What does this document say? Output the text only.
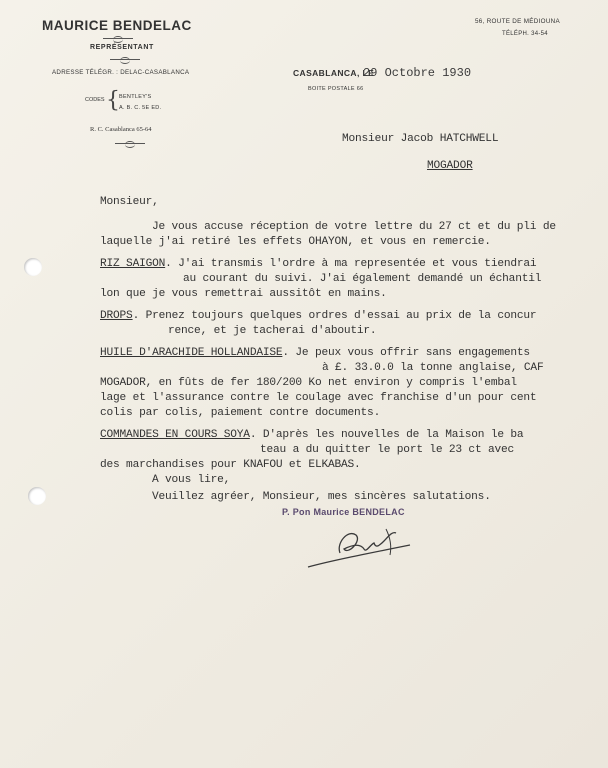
MAURICE BENDELAC
REPRÉSENTANT
ADRESSE TÉLÉGR. : DELAC-CASABLANCA
CODES { BENTLEY'S
A. B. C. 5E ED.
R. C. Casablanca 65-64
56, ROUTE DE MÉDIOUNA
TÉLÉPH. 34-54
CASABLANCA, LE
29 Octobre 1930
BOITE POSTALE 66
Monsieur Jacob HATCHWELL
MOGADOR
Monsieur,
Je vous accuse réception de votre lettre du 27 ct et du pli de
laquelle j'ai retiré les effets OHAYON, et vous en remercie.
RIZ SAIGON. J'ai transmis l'ordre à ma representée et vous tiendrai
au courant du suivi. J'ai également demandé un échantil
lon que je vous remettrai aussitôt en mains.
DROPS. Prenez toujours quelques ordres d'essai au prix de la concur
rence, et je tacherai d'aboutir.
HUILE D'ARACHIDE HOLLANDAISE. Je peux vous offrir sans engagements
à £. 33.0.0 la tonne anglaise, CAF
MOGADOR, en fûts de fer 180/200 Ko net environ y compris l'embal
lage et l'assurance contre le coulage avec franchise d'un pour cent
colis par colis, paiement contre documents.
COMMANDES EN COURS SOYA. D'après les nouvelles de la Maison le ba
teau a du quitter le port le 23 ct avec
des marchandises pour KNAFOU et ELKABAS.
A vous lire,
Veuillez agréer, Monsieur, mes sincères salutations.
P. Pon Maurice BENDELAC
